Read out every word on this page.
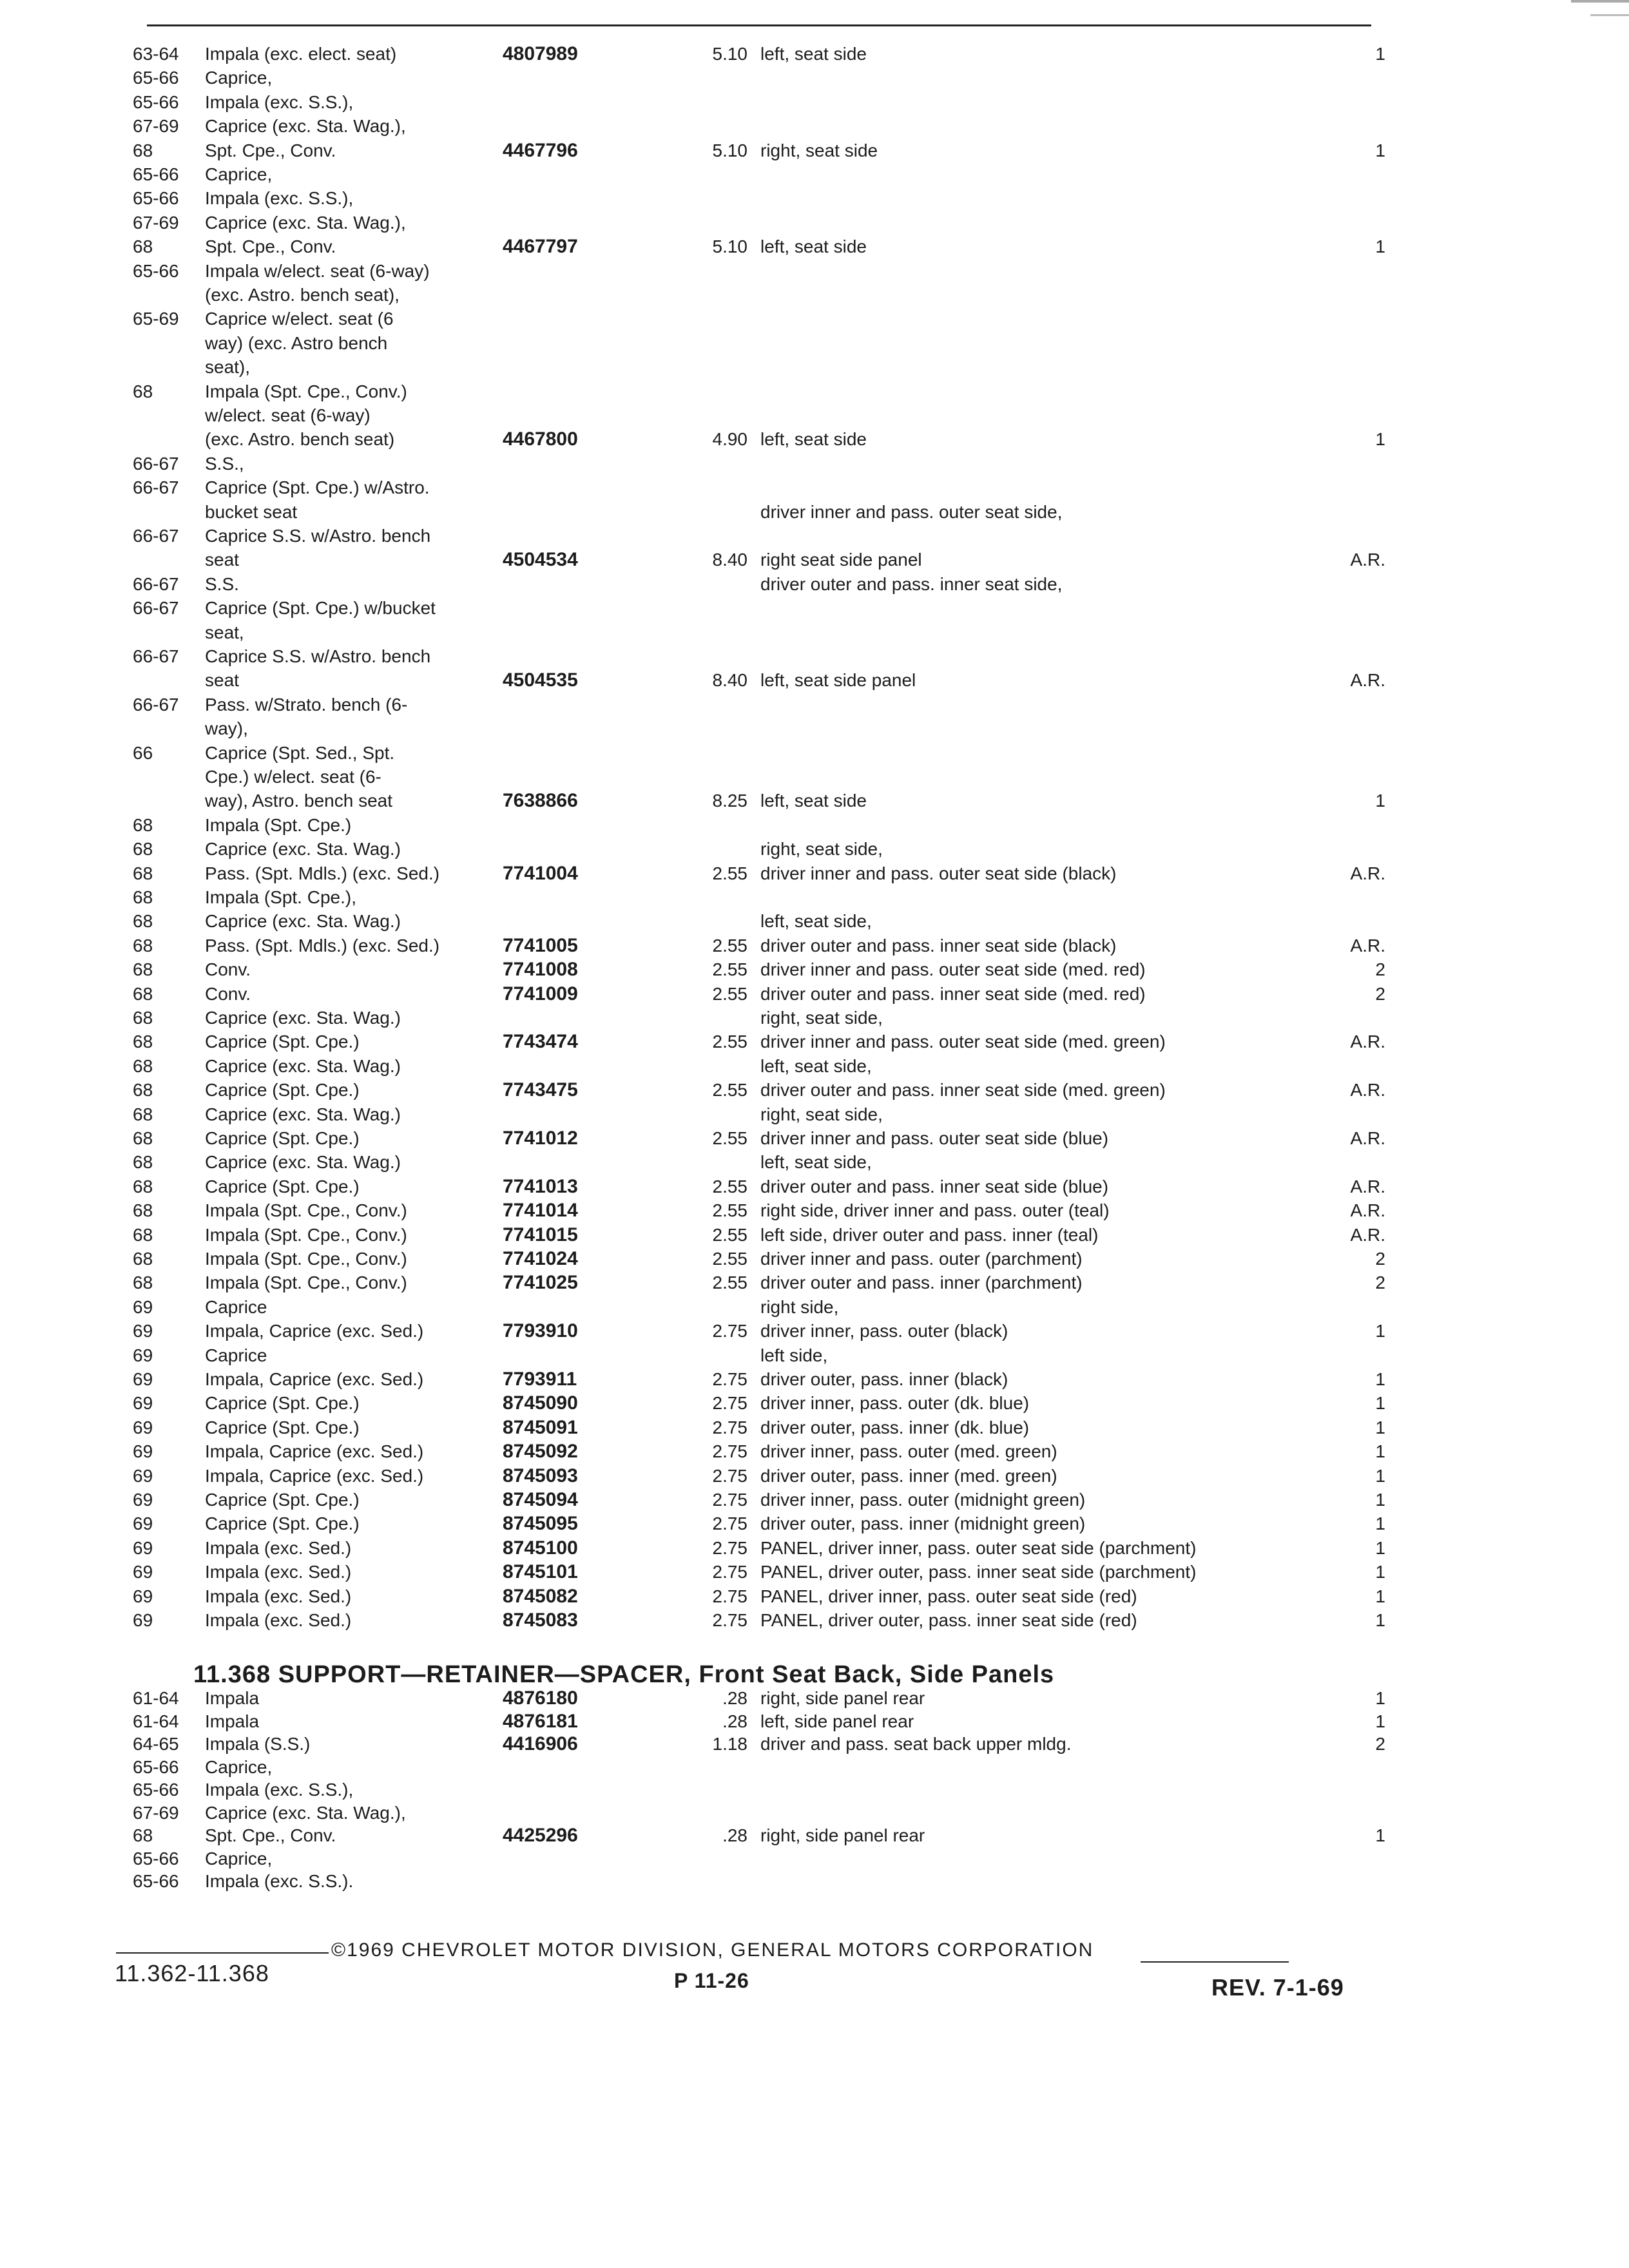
63-64	Impala (exc. elect. seat)	4807989	5.10 left, seat side	1
65-66	Caprice,
65-66	Impala (exc. S.S.),
67-69	Caprice (exc. Sta. Wag.),
68	Spt. Cpe., Conv.	4467796	5.10 right, seat side	1
65-66	Caprice,
65-66	Impala (exc. S.S.),
67-69	Caprice (exc. Sta. Wag.),
68	Spt. Cpe., Conv.	4467797	5.10 left, seat side	1
65-66	Impala w/elect. seat (6-way)
(exc. Astro. bench seat),
65-69	Caprice w/elect. seat (6
way) (exc. Astro bench
seat),
68	Impala (Spt. Cpe., Conv.)
w/elect. seat (6-way)
(exc. Astro. bench seat)	4467800	4.90 left, seat side	1
66-67	S.S.,
66-67	Caprice (Spt. Cpe.) w/Astro.
bucket seat	driver inner and pass. outer seat side,
66-67	Caprice S.S. w/Astro. bench
seat	4504534	8.40 right seat side panel	A.R.
66-67	S.S.	driver outer and pass. inner seat side,
66-67	Caprice (Spt. Cpe.) w/bucket
seat,
66-67	Caprice S.S. w/Astro. bench
seat	4504535	8.40 left, seat side panel	A.R.
66-67	Pass. w/Strato. bench (6-
way),
66	Caprice (Spt. Sed., Spt.
Cpe.) w/elect. seat (6-
way), Astro. bench seat	7638866	8.25 left, seat side	1
68	Impala (Spt. Cpe.)
68	Caprice (exc. Sta. Wag.)	right, seat side,
68	Pass. (Spt. Mdls.) (exc. Sed.)	7741004	2.55 driver inner and pass. outer seat side (black)	A.R.
68	Impala (Spt. Cpe.),
68	Caprice (exc. Sta. Wag.)	left, seat side,
68	Pass. (Spt. Mdls.) (exc. Sed.)	7741005	2.55 driver outer and pass. inner seat side (black)	A.R.
68	Conv.	7741008	2.55 driver inner and pass. outer seat side (med. red)	2
68	Conv.	7741009	2.55 driver outer and pass. inner seat side (med. red)	2
68	Caprice (exc. Sta. Wag.)	right, seat side,
68	Caprice (Spt. Cpe.)	7743474	2.55 driver inner and pass. outer seat side (med. green)	A.R.
68	Caprice (exc. Sta. Wag.)	left, seat side,
68	Caprice (Spt. Cpe.)	7743475	2.55 driver outer and pass. inner seat side (med. green)	A.R.
68	Caprice (exc. Sta. Wag.)	right, seat side,
68	Caprice (Spt. Cpe.)	7741012	2.55 driver inner and pass. outer seat side (blue)	A.R.
68	Caprice (exc. Sta. Wag.)	left, seat side,
68	Caprice (Spt. Cpe.)	7741013	2.55 driver outer and pass. inner seat side (blue)	A.R.
68	Impala (Spt. Cpe., Conv.)	7741014	2.55 right side, driver inner and pass. outer (teal)	A.R.
68	Impala (Spt. Cpe., Conv.)	7741015	2.55 left side, driver outer and pass. inner (teal)	A.R.
68	Impala (Spt. Cpe., Conv.)	7741024	2.55 driver inner and pass. outer (parchment)	2
68	Impala (Spt. Cpe., Conv.)	7741025	2.55 driver outer and pass. inner (parchment)	2
69	Caprice	right side,
69	Impala, Caprice (exc. Sed.)	7793910	2.75 driver inner, pass. outer (black)	1
69	Caprice	left side,
69	Impala, Caprice (exc. Sed.)	7793911	2.75 driver outer, pass. inner (black)	1
69	Caprice (Spt. Cpe.)	8745090	2.75 driver inner, pass. outer (dk. blue)	1
69	Caprice (Spt. Cpe.)	8745091	2.75 driver outer, pass. inner (dk. blue)	1
69	Impala, Caprice (exc. Sed.)	8745092	2.75 driver inner, pass. outer (med. green)	1
69	Impala, Caprice (exc. Sed.)	8745093	2.75 driver outer, pass. inner (med. green)	1
69	Caprice (Spt. Cpe.)	8745094	2.75 driver inner, pass. outer (midnight green)	1
69	Caprice (Spt. Cpe.)	8745095	2.75 driver outer, pass. inner (midnight green)	1
69	Impala (exc. Sed.)	8745100	2.75 PANEL, driver inner, pass. outer seat side (parchment)	1
69	Impala (exc. Sed.)	8745101	2.75 PANEL, driver outer, pass. inner seat side (parchment)	1
69	Impala (exc. Sed.)	8745082	2.75 PANEL, driver inner, pass. outer seat side (red)	1
69	Impala (exc. Sed.)	8745083	2.75 PANEL, driver outer, pass. inner seat side (red)	1
11.368 SUPPORT—RETAINER—SPACER, Front Seat Back, Side Panels
61-64	Impala	4876180	.28 right, side panel rear	1
61-64	Impala	4876181	.28 left, side panel rear	1
64-65	Impala (S.S.)	4416906	1.18 driver and pass. seat back upper mldg.	2
65-66	Caprice,
65-66	Impala (exc. S.S.),
67-69	Caprice (exc. Sta. Wag.),
68	Spt. Cpe., Conv.	4425296	.28 right, side panel rear	1
65-66	Caprice,
65-66	Impala (exc. S.S.).
©1969 CHEVROLET MOTOR DIVISION, GENERAL MOTORS CORPORATION
11.362-11.368	P 11-26	REV. 7-1-69
